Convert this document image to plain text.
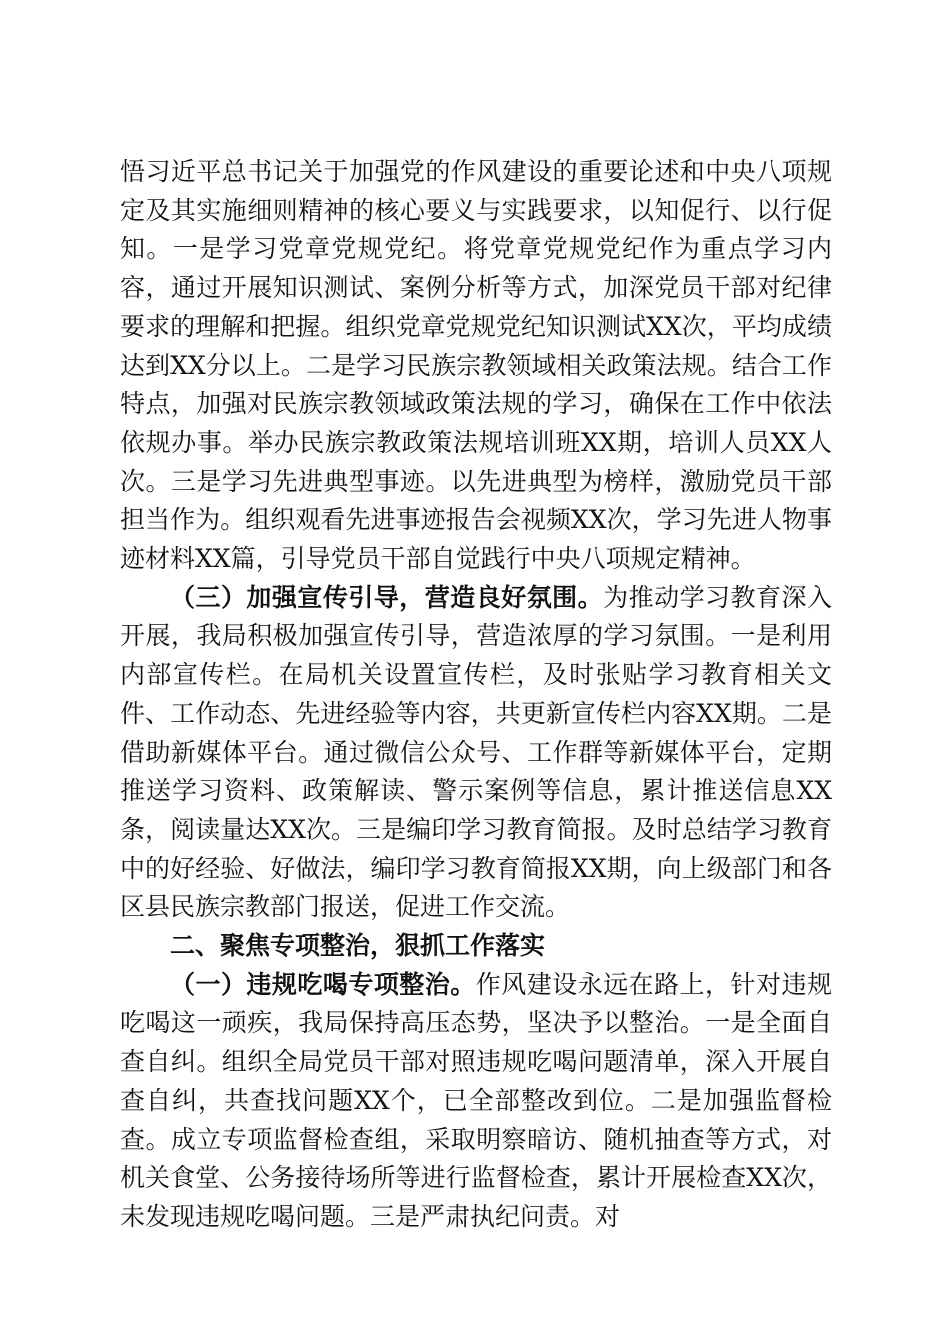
悟习近平总书记关于加强党的作风建设的重要论述和中央八项规定及其实施细则精神的核心要义与实践要求，以知促行、以行促知。一是学习党章党规党纪。将党章党规党纪作为重点学习内容，通过开展知识测试、案例分析等方式，加深党员干部对纪律要求的理解和把握。组织党章党规党纪知识测试XX次，平均成绩达到XX分以上。二是学习民族宗教领域相关政策法规。结合工作特点，加强对民族宗教领域政策法规的学习，确保在工作中依法依规办事。举办民族宗教政策法规培训班XX期，培训人员XX人次。三是学习先进典型事迹。以先进典型为榜样，激励党员干部担当作为。组织观看先进事迹报告会视频XX次，学习先进人物事迹材料XX篇，引导党员干部自觉践行中央八项规定精神。

（三）加强宣传引导，营造良好氛围。为推动学习教育深入开展，我局积极加强宣传引导，营造浓厚的学习氛围。一是利用内部宣传栏。在局机关设置宣传栏，及时张贴学习教育相关文件、工作动态、先进经验等内容，共更新宣传栏内容XX期。二是借助新媒体平台。通过微信公众号、工作群等新媒体平台，定期推送学习资料、政策解读、警示案例等信息，累计推送信息XX条，阅读量达XX次。三是编印学习教育简报。及时总结学习教育中的好经验、好做法，编印学习教育简报XX期，向上级部门和各区县民族宗教部门报送，促进工作交流。

二、聚焦专项整治，狠抓工作落实

（一）违规吃喝专项整治。作风建设永远在路上，针对违规吃喝这一顽疾，我局保持高压态势，坚决予以整治。一是全面自查自纠。组织全局党员干部对照违规吃喝问题清单，深入开展自查自纠，共查找问题XX个，已全部整改到位。二是加强监督检查。成立专项监督检查组，采取明察暗访、随机抽查等方式，对机关食堂、公务接待场所等进行监督检查，累计开展检查XX次，未发现违规吃喝问题。三是严肃执纪问责。对
